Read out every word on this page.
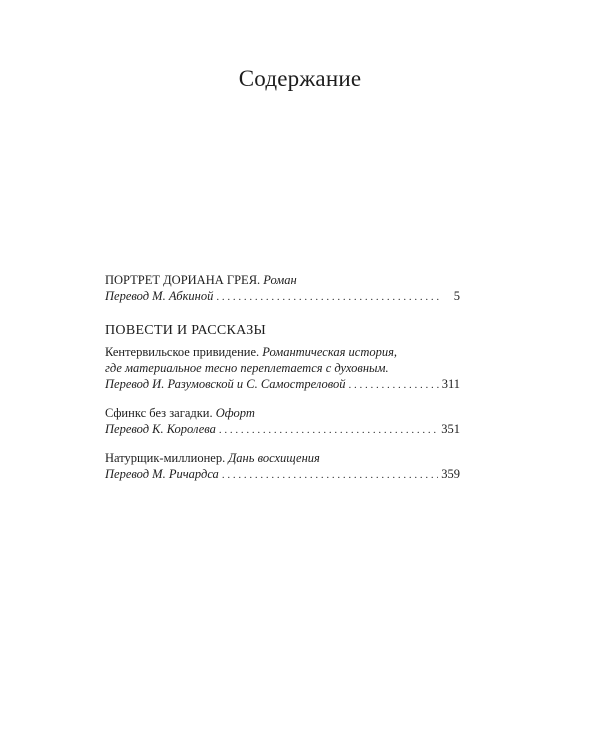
Содержание
ПОРТРЕТ ДОРИАНА ГРЕЯ. Роман
Перевод М. Абкиной . . .	5
ПОВЕСТИ И РАССКАЗЫ
Кентервильское привидение. Романтическая история,
где материальное тесно переплетается с духовным.
Перевод И. Разумовской и С. Самостреловой . . .	311
Сфинкс без загадки. Офорт
Перевод К. Королева . . .	351
Натурщик-миллионер. Дань восхищения
Перевод М. Ричардса . . .	359
